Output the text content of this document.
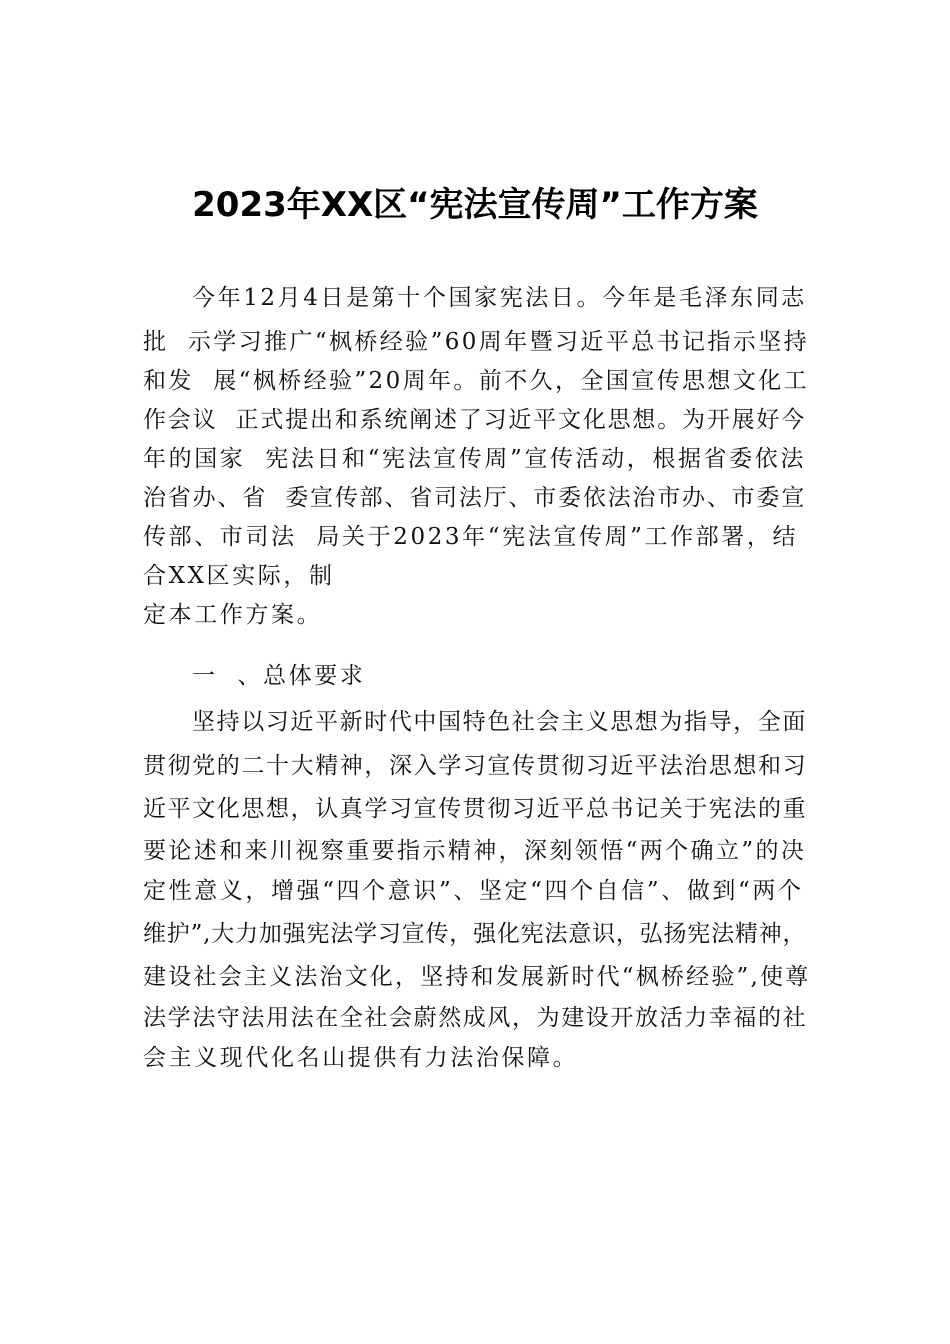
2023年XX区“宪法宣传周”工作方案
今年12月4日是第十个国家宪法日。今年是毛泽东同志
批  示学习推广“枫桥经验”60周年暨习近平总书记指示坚持
和发  展“枫桥经验”20周年。前不久，全国宣传思想文化工
作会议  正式提出和系统阐述了习近平文化思想。为开展好今
年的国家  宪法日和“宪法宣传周”宣传活动，根据省委依法
治省办、省  委宣传部、省司法厅、市委依法治市办、市委宣
传部、市司法  局关于2023年“宪法宣传周”工作部署，结
合XX区实际，制
定本工作方案。
一  、总体要求
坚持以习近平新时代中国特色社会主义思想为指导，全面
贯彻党的二十大精神，深入学习宣传贯彻习近平法治思想和习
近平文化思想，认真学习宣传贯彻习近平总书记关于宪法的重
要论述和来川视察重要指示精神，深刻领悟“两个确立”的决
定性意义，增强“四个意识”、坚定“四个自信”、做到“两个
维护”,大力加强宪法学习宣传，强化宪法意识，弘扬宪法精神，
建设社会主义法治文化，坚持和发展新时代“枫桥经验”,使尊
法学法守法用法在全社会蔚然成风，为建设开放活力幸福的社
会主义现代化名山提供有力法治保障。
